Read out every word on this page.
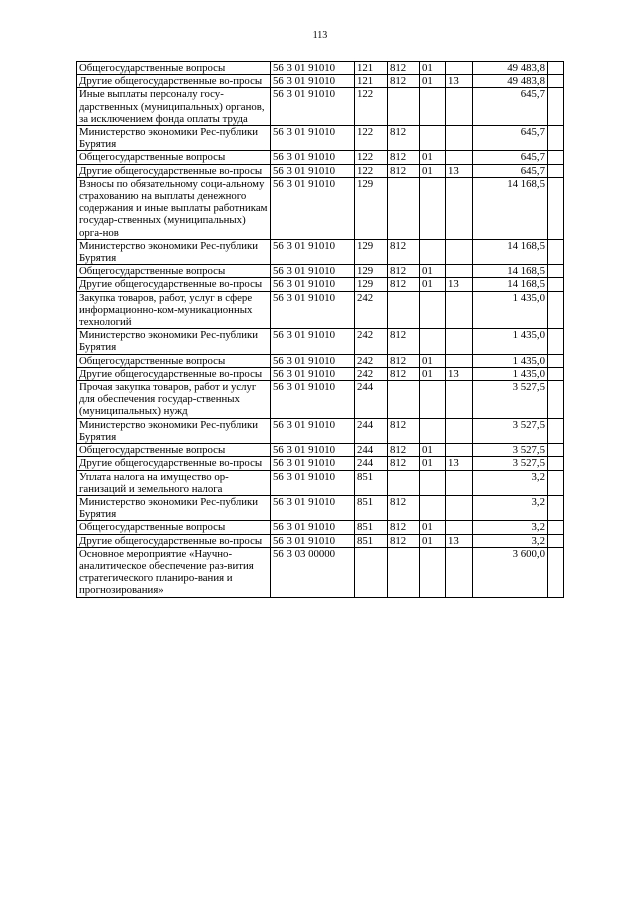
113
Общегосударственные вопросы	56 3 01 91010	121	812	01		49 483,8	
Другие общегосударственные во-просы	56 3 01 91010	121	812	01	13	49 483,8	
Иные выплаты персоналу госу-дарственных (муниципальных) органов, за исключением фонда оплаты труда	56 3 01 91010	122				645,7	
Министерство экономики Рес-публики Бурятия	56 3 01 91010	122	812			645,7	
Общегосударственные вопросы	56 3 01 91010	122	812	01		645,7	
Другие общегосударственные во-просы	56 3 01 91010	122	812	01	13	645,7	
Взносы по обязательному соци-альному страхованию на выплаты денежного содержания и иные выплаты работникам государ-ственных (муниципальных) орга-нов	56 3 01 91010	129				14 168,5	
Министерство экономики Рес-публики Бурятия	56 3 01 91010	129	812			14 168,5	
Общегосударственные вопросы	56 3 01 91010	129	812	01		14 168,5	
Другие общегосударственные во-просы	56 3 01 91010	129	812	01	13	14 168,5	
Закупка товаров, работ, услуг в сфере информационно-ком-муникационных технологий	56 3 01 91010	242				1 435,0	
Министерство экономики Рес-публики Бурятия	56 3 01 91010	242	812			1 435,0	
Общегосударственные вопросы	56 3 01 91010	242	812	01		1 435,0	
Другие общегосударственные во-просы	56 3 01 91010	242	812	01	13	1 435,0	
Прочая закупка товаров, работ и услуг для обеспечения государ-ственных (муниципальных) нужд	56 3 01 91010	244				3 527,5	
Министерство экономики Рес-публики Бурятия	56 3 01 91010	244	812			3 527,5	
Общегосударственные вопросы	56 3 01 91010	244	812	01		3 527,5	
Другие общегосударственные во-просы	56 3 01 91010	244	812	01	13	3 527,5	
Уплата налога на имущество ор-ганизаций и земельного налога	56 3 01 91010	851				3,2	
Министерство экономики Рес-публики Бурятия	56 3 01 91010	851	812			3,2	
Общегосударственные вопросы	56 3 01 91010	851	812	01		3,2	
Другие общегосударственные во-просы	56 3 01 91010	851	812	01	13	3,2	
Основное мероприятие «Научно-аналитическое обеспечение раз-вития стратегического планиро-вания и прогнозирования»	56 3 03 00000					3 600,0	
